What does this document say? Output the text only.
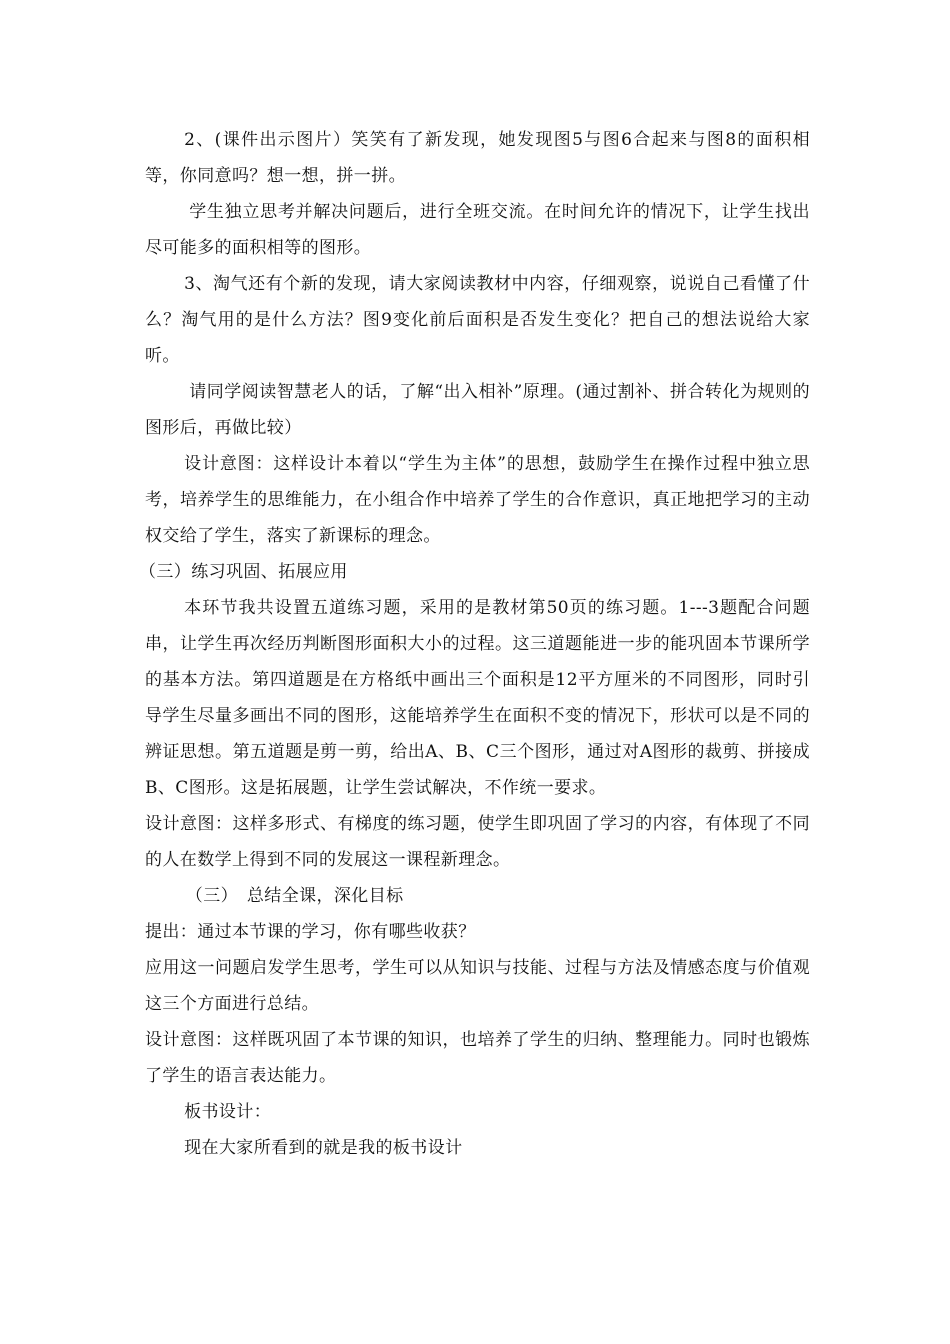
2、(课件出示图片）笑笑有了新发现，她发现图5与图6合起来与图8的面积相等，你同意吗？想一想，拼一拼。

学生独立思考并解决问题后，进行全班交流。在时间允许的情况下，让学生找出尽可能多的面积相等的图形。

3、淘气还有个新的发现，请大家阅读教材中内容，仔细观察，说说自己看懂了什么？淘气用的是什么方法？图9变化前后面积是否发生变化？把自己的想法说给大家听。

请同学阅读智慧老人的话，了解“出入相补”原理。(通过割补、拼合转化为规则的图形后，再做比较）

设计意图：这样设计本着以“学生为主体”的思想，鼓励学生在操作过程中独立思考，培养学生的思维能力，在小组合作中培养了学生的合作意识，真正地把学习的主动权交给了学生，落实了新课标的理念。

（三）练习巩固、拓展应用

本环节我共设置五道练习题，采用的是教材第50页的练习题。1---3题配合问题串，让学生再次经历判断图形面积大小的过程。这三道题能进一步的能巩固本节课所学的基本方法。第四道题是在方格纸中画出三个面积是12平方厘米的不同图形，同时引导学生尽量多画出不同的图形，这能培养学生在面积不变的情况下，形状可以是不同的辨证思想。第五道题是剪一剪，给出A、B、C三个图形，通过对A图形的裁剪、拼接成B、C图形。这是拓展题，让学生尝试解决，不作统一要求。

设计意图：这样多形式、有梯度的练习题，使学生即巩固了学习的内容，有体现了不同的人在数学上得到不同的发展这一课程新理念。

（三）　总结全课，深化目标

提出：通过本节课的学习，你有哪些收获？

应用这一问题启发学生思考，学生可以从知识与技能、过程与方法及情感态度与价值观这三个方面进行总结。

设计意图：这样既巩固了本节课的知识，也培养了学生的归纳、整理能力。同时也锻炼了学生的语言表达能力。

板书设计：

现在大家所看到的就是我的板书设计
